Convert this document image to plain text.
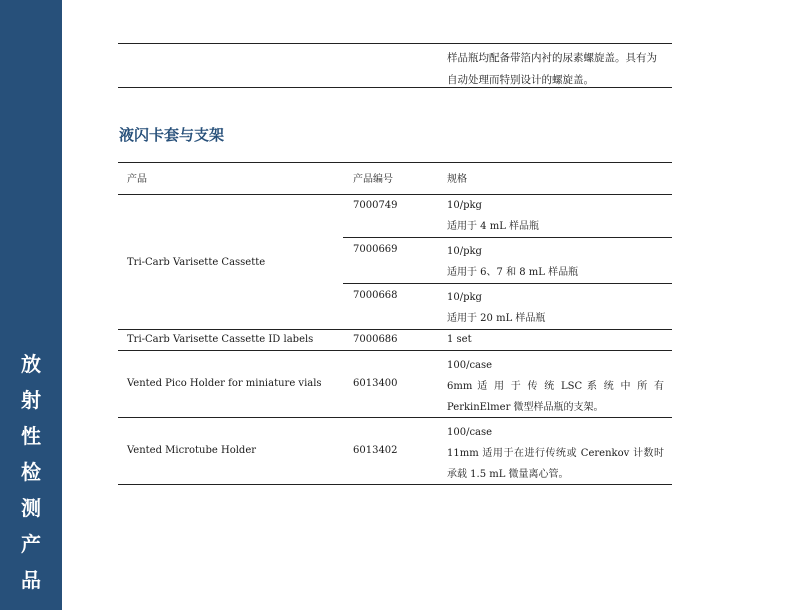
放
射
性
检
测
产
品
样品瓶均配备带箔内衬的尿素螺旋盖。具有为
自动处理而特别设计的螺旋盖。
液闪卡套与支架
产品	产品编号	规格
Tri-Carb Varisette Cassette
7000749	10/pkg
适用于 4 mL 样品瓶
7000669	10/pkg
适用于 6、7 和 8 mL 样品瓶
7000668	10/pkg
适用于 20 mL 样品瓶
Tri-Carb Varisette Cassette ID labels	7000686	1 set
Vented Pico Holder for miniature vials	6013400
100/case
6mm 适 用 于 传 统 LSC 系 统 中 所 有
PerkinElmer 微型样品瓶的支架。
Vented Microtube Holder	6013402
100/case
11mm 适用于在进行传统或 Cerenkov 计数时
承载 1.5 mL 微量离心管。
